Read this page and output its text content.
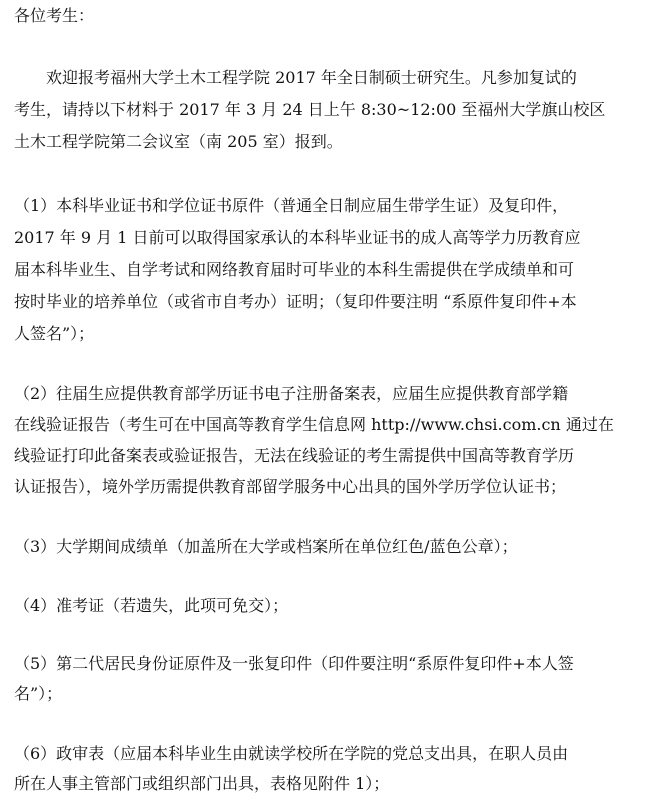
各位考生：
欢迎报考福州大学土木工程学院 2017 年全日制硕士研究生。凡参加复试的
考生，请持以下材料于 2017 年 3 月 24 日上午 8:30~12:00 至福州大学旗山校区
土木工程学院第二会议室（南 205 室）报到。
（1）本科毕业证书和学位证书原件（普通全日制应届生带学生证）及复印件，
2017 年 9 月 1 日前可以取得国家承认的本科毕业证书的成人高等学力历教育应
届本科毕业生、自学考试和网络教育届时可毕业的本科生需提供在学成绩单和可
按时毕业的培养单位（或省市自考办）证明；（复印件要注明 “系原件复印件+本
人签名”）；
（2）往届生应提供教育部学历证书电子注册备案表，应届生应提供教育部学籍
在线验证报告（考生可在中国高等教育学生信息网 http://www.chsi.com.cn 通过在
线验证打印此备案表或验证报告，无法在线验证的考生需提供中国高等教育学历
认证报告），境外学历需提供教育部留学服务中心出具的国外学历学位认证书；
（3）大学期间成绩单（加盖所在大学或档案所在单位红色/蓝色公章）；
（4）准考证（若遗失，此项可免交）；
（5）第二代居民身份证原件及一张复印件（印件要注明“系原件复印件+本人签
名”）；
（6）政审表（应届本科毕业生由就读学校所在学院的党总支出具，在职人员由
所在人事主管部门或组织部门出具，表格见附件 1）；
